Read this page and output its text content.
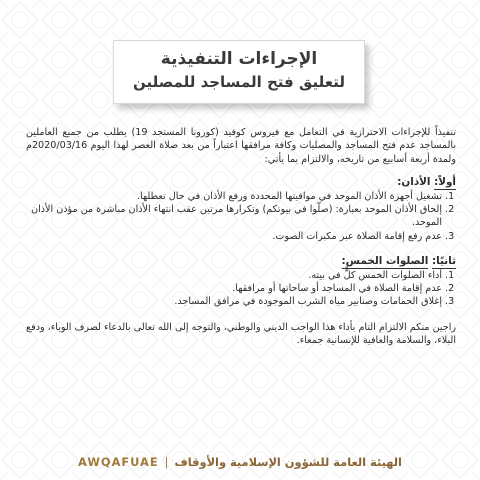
الإجراءات التنفيذية
لتعليق فتح المساجد للمصلين

تنفيذاً للإجراءات الاحترازية في التعامل مع فيروس كوفيد (كورونا المستجد 19) يطلب من جميع العاملين بالمساجد عدم فتح المساجد والمصليات وكافة مرافقها اعتباراً من بعد صلاة العصر لهذا اليوم 2020/03/16م ولمدة أربعة أسابيع من تاريخه، والالتزام بما يأتي:

أولاً: الأذان:

1. تشغيل أجهزة الأذان الموحد في مواقيتها المحددة ورفع الأذان في حال تعطلها.
2. إلحاق الأذان الموحد بعبارة: (صلّوا في بيوتكم) وتكرارها مرتين عقب انتهاء الأذان مباشرة من مؤذن الأذان الموحد.
3. عدم رفع إقامة الصلاة عبر مكبرات الصوت.

ثانيًا: الصلوات الخمس:

1. أداء الصلوات الخمس كلٌّ في بيته.
2. عدم إقامة الصلاة في المساجد أو ساحاتها أو مرافقها.
3. إغلاق الحمامات وصنابير مياه الشرب الموجودة في مرافق المساجد.

راجين منكم الالتزام التام بأداء هذا الواجب الديني والوطني، والتوجه إلى الله تعالى بالدعاء لصرف الوباء، ودفع البلاء، والسلامة والعافية للإنسانية جمعاء.

AWQAFUAE | الهيئة العامة للشؤون الإسلامية والأوقاف
